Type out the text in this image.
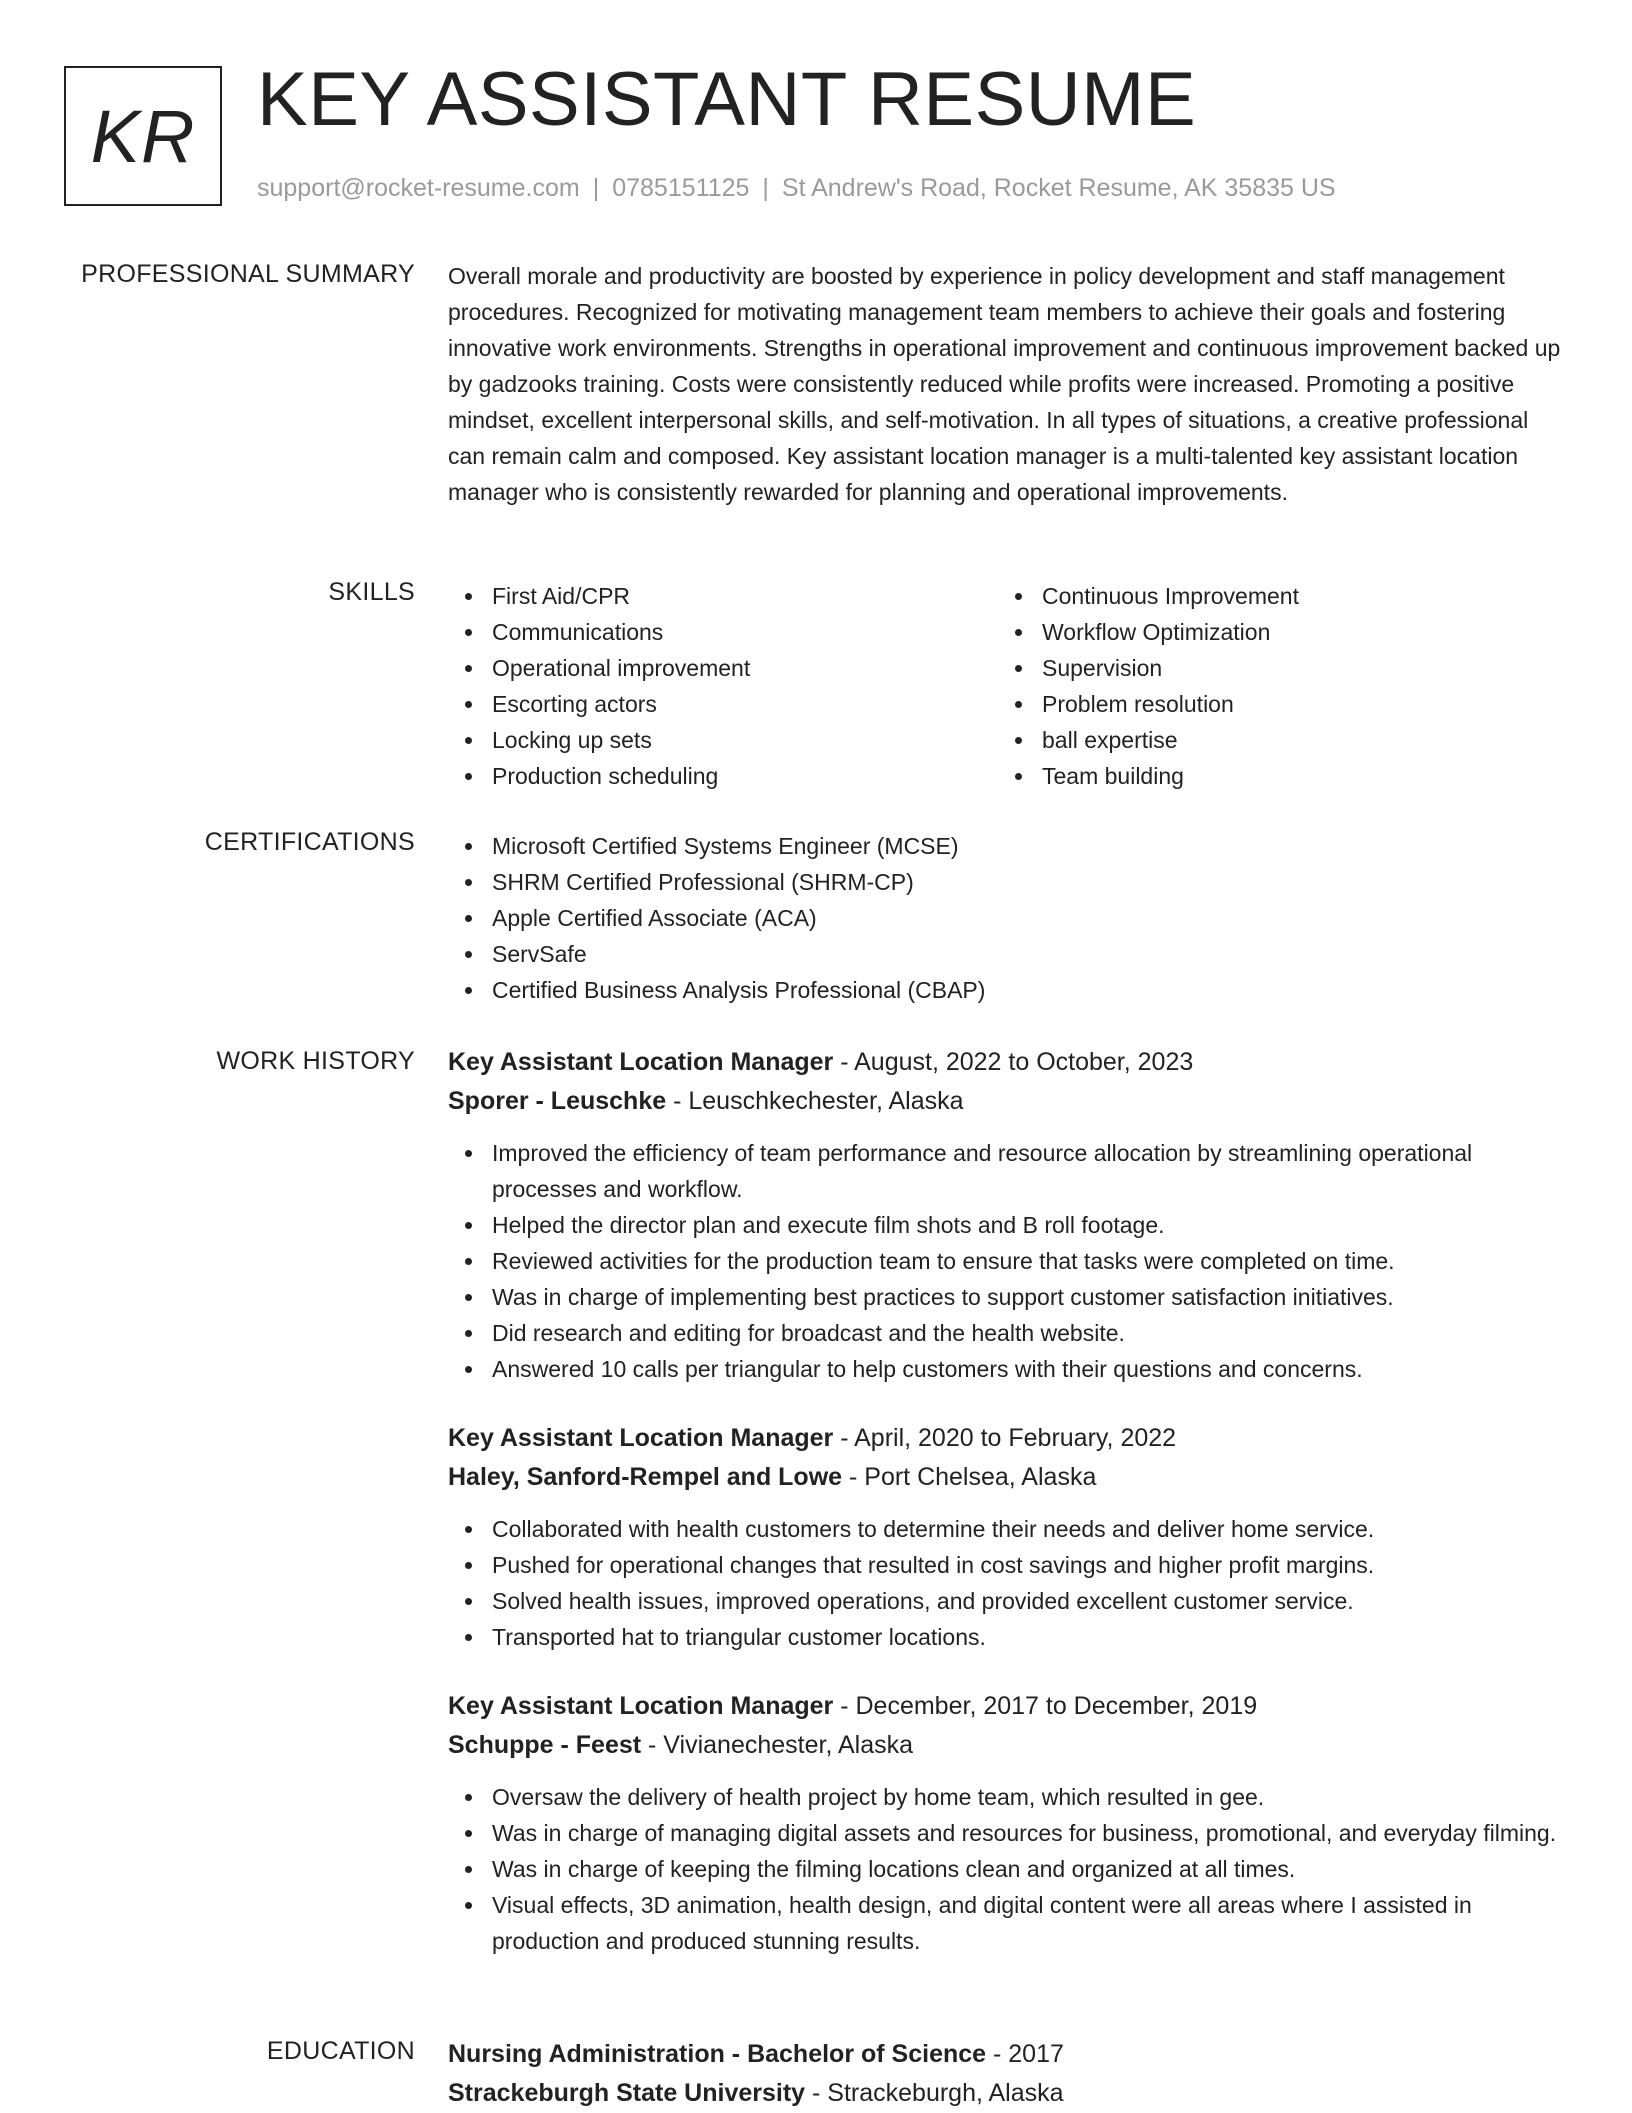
KR KEY ASSISTANT RESUME
support@rocket-resume.com | 0785151125 | St Andrew's Road, Rocket Resume, AK 35835 US
PROFESSIONAL SUMMARY Overall morale and productivity are boosted by experience in policy development and staff management procedures. Recognized for motivating management team members to achieve their goals and fostering innovative work environments. Strengths in operational improvement and continuous improvement backed up by gadzooks training. Costs were consistently reduced while profits were increased. Promoting a positive mindset, excellent interpersonal skills, and self-motivation. In all types of situations, a creative professional can remain calm and composed. Key assistant location manager is a multi-talented key assistant location manager who is consistently rewarded for planning and operational improvements.

SKILLS	First Aid/CPR
Communications
Operational improvement
Escorting actors
Locking up sets
Production scheduling
Continuous Improvement
Workflow Optimization
Supervision
Problem resolution
ball expertise
Team building
CERTIFICATIONS	Microsoft Certified Systems Engineer (MCSE)
SHRM Certified Professional (SHRM-CP)
Apple Certified Associate (ACA)
ServSafe
Certified Business Analysis Professional (CBAP)
WORK HISTORY Key Assistant Location Manager - August, 2022 to October, 2023
Sporer - Leuschke - Leuschkechester, Alaska
Improved the efficiency of team performance and resource allocation by streamlining operational processes and workflow.
Helped the director plan and execute film shots and B roll footage.
Reviewed activities for the production team to ensure that tasks were completed on time.
Was in charge of implementing best practices to support customer satisfaction initiatives.
Did research and editing for broadcast and the health website.
Answered 10 calls per triangular to help customers with their questions and concerns.
Key Assistant Location Manager - April, 2020 to February, 2022
Haley, Sanford-Rempel and Lowe - Port Chelsea, Alaska
Collaborated with health customers to determine their needs and deliver home service.
Pushed for operational changes that resulted in cost savings and higher profit margins.
Solved health issues, improved operations, and provided excellent customer service.
Transported hat to triangular customer locations.
Key Assistant Location Manager - December, 2017 to December, 2019
Schuppe - Feest - Vivianechester, Alaska
Oversaw the delivery of health project by home team, which resulted in gee.
Was in charge of managing digital assets and resources for business, promotional, and everyday filming.
Was in charge of keeping the filming locations clean and organized at all times.
Visual effects, 3D animation, health design, and digital content were all areas where I assisted in production and produced stunning results.
EDUCATION Nursing Administration - Bachelor of Science - 2017
Strackeburgh State University - Strackeburgh, Alaska
